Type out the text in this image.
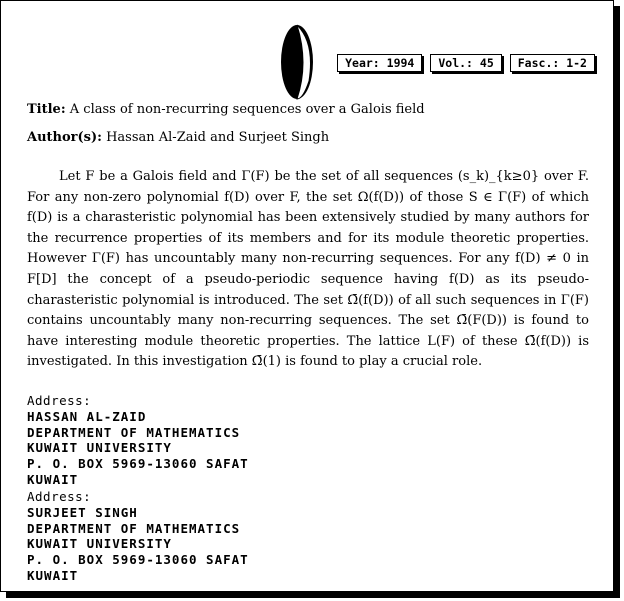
Year: 1994	Vol.: 45	Fasc.: 1-2
Title: A class of non-recurring sequences over a Galois field
Author(s): Hassan Al-Zaid and Surjeet Singh

Let F be a Galois field and Γ(F) be the set of all sequences (s_k)_{k≥0} over F. For any non-zero polynomial f(D) over F, the set Ω(f(D)) of those S ∈ Γ(F) of which f(D) is a charasteristic polynomial has been extensively studied by many authors for the recurrence properties of its members and for its module theoretic properties. However Γ(F) has uncountably many non-recurring sequences. For any f(D) ≠ 0 in F[D] the concept of a pseudo-periodic sequence having f(D) as its pseudo-charasteristic polynomial is introduced. The set Ω̄(f(D)) of all such sequences in Γ(F) contains uncountably many non-recurring sequences. The set Ω̄(F(D)) is found to have interesting module theoretic properties. The lattice L(F) of these Ω̄(f(D)) is investigated. In this investigation Ω̄(1) is found to play a crucial role.

Address:
HASSAN AL-ZAID
DEPARTMENT OF MATHEMATICS
KUWAIT UNIVERSITY
P. O. BOX 5969-13060 SAFAT
KUWAIT
Address:
SURJEET SINGH
DEPARTMENT OF MATHEMATICS
KUWAIT UNIVERSITY
P. O. BOX 5969-13060 SAFAT
KUWAIT
